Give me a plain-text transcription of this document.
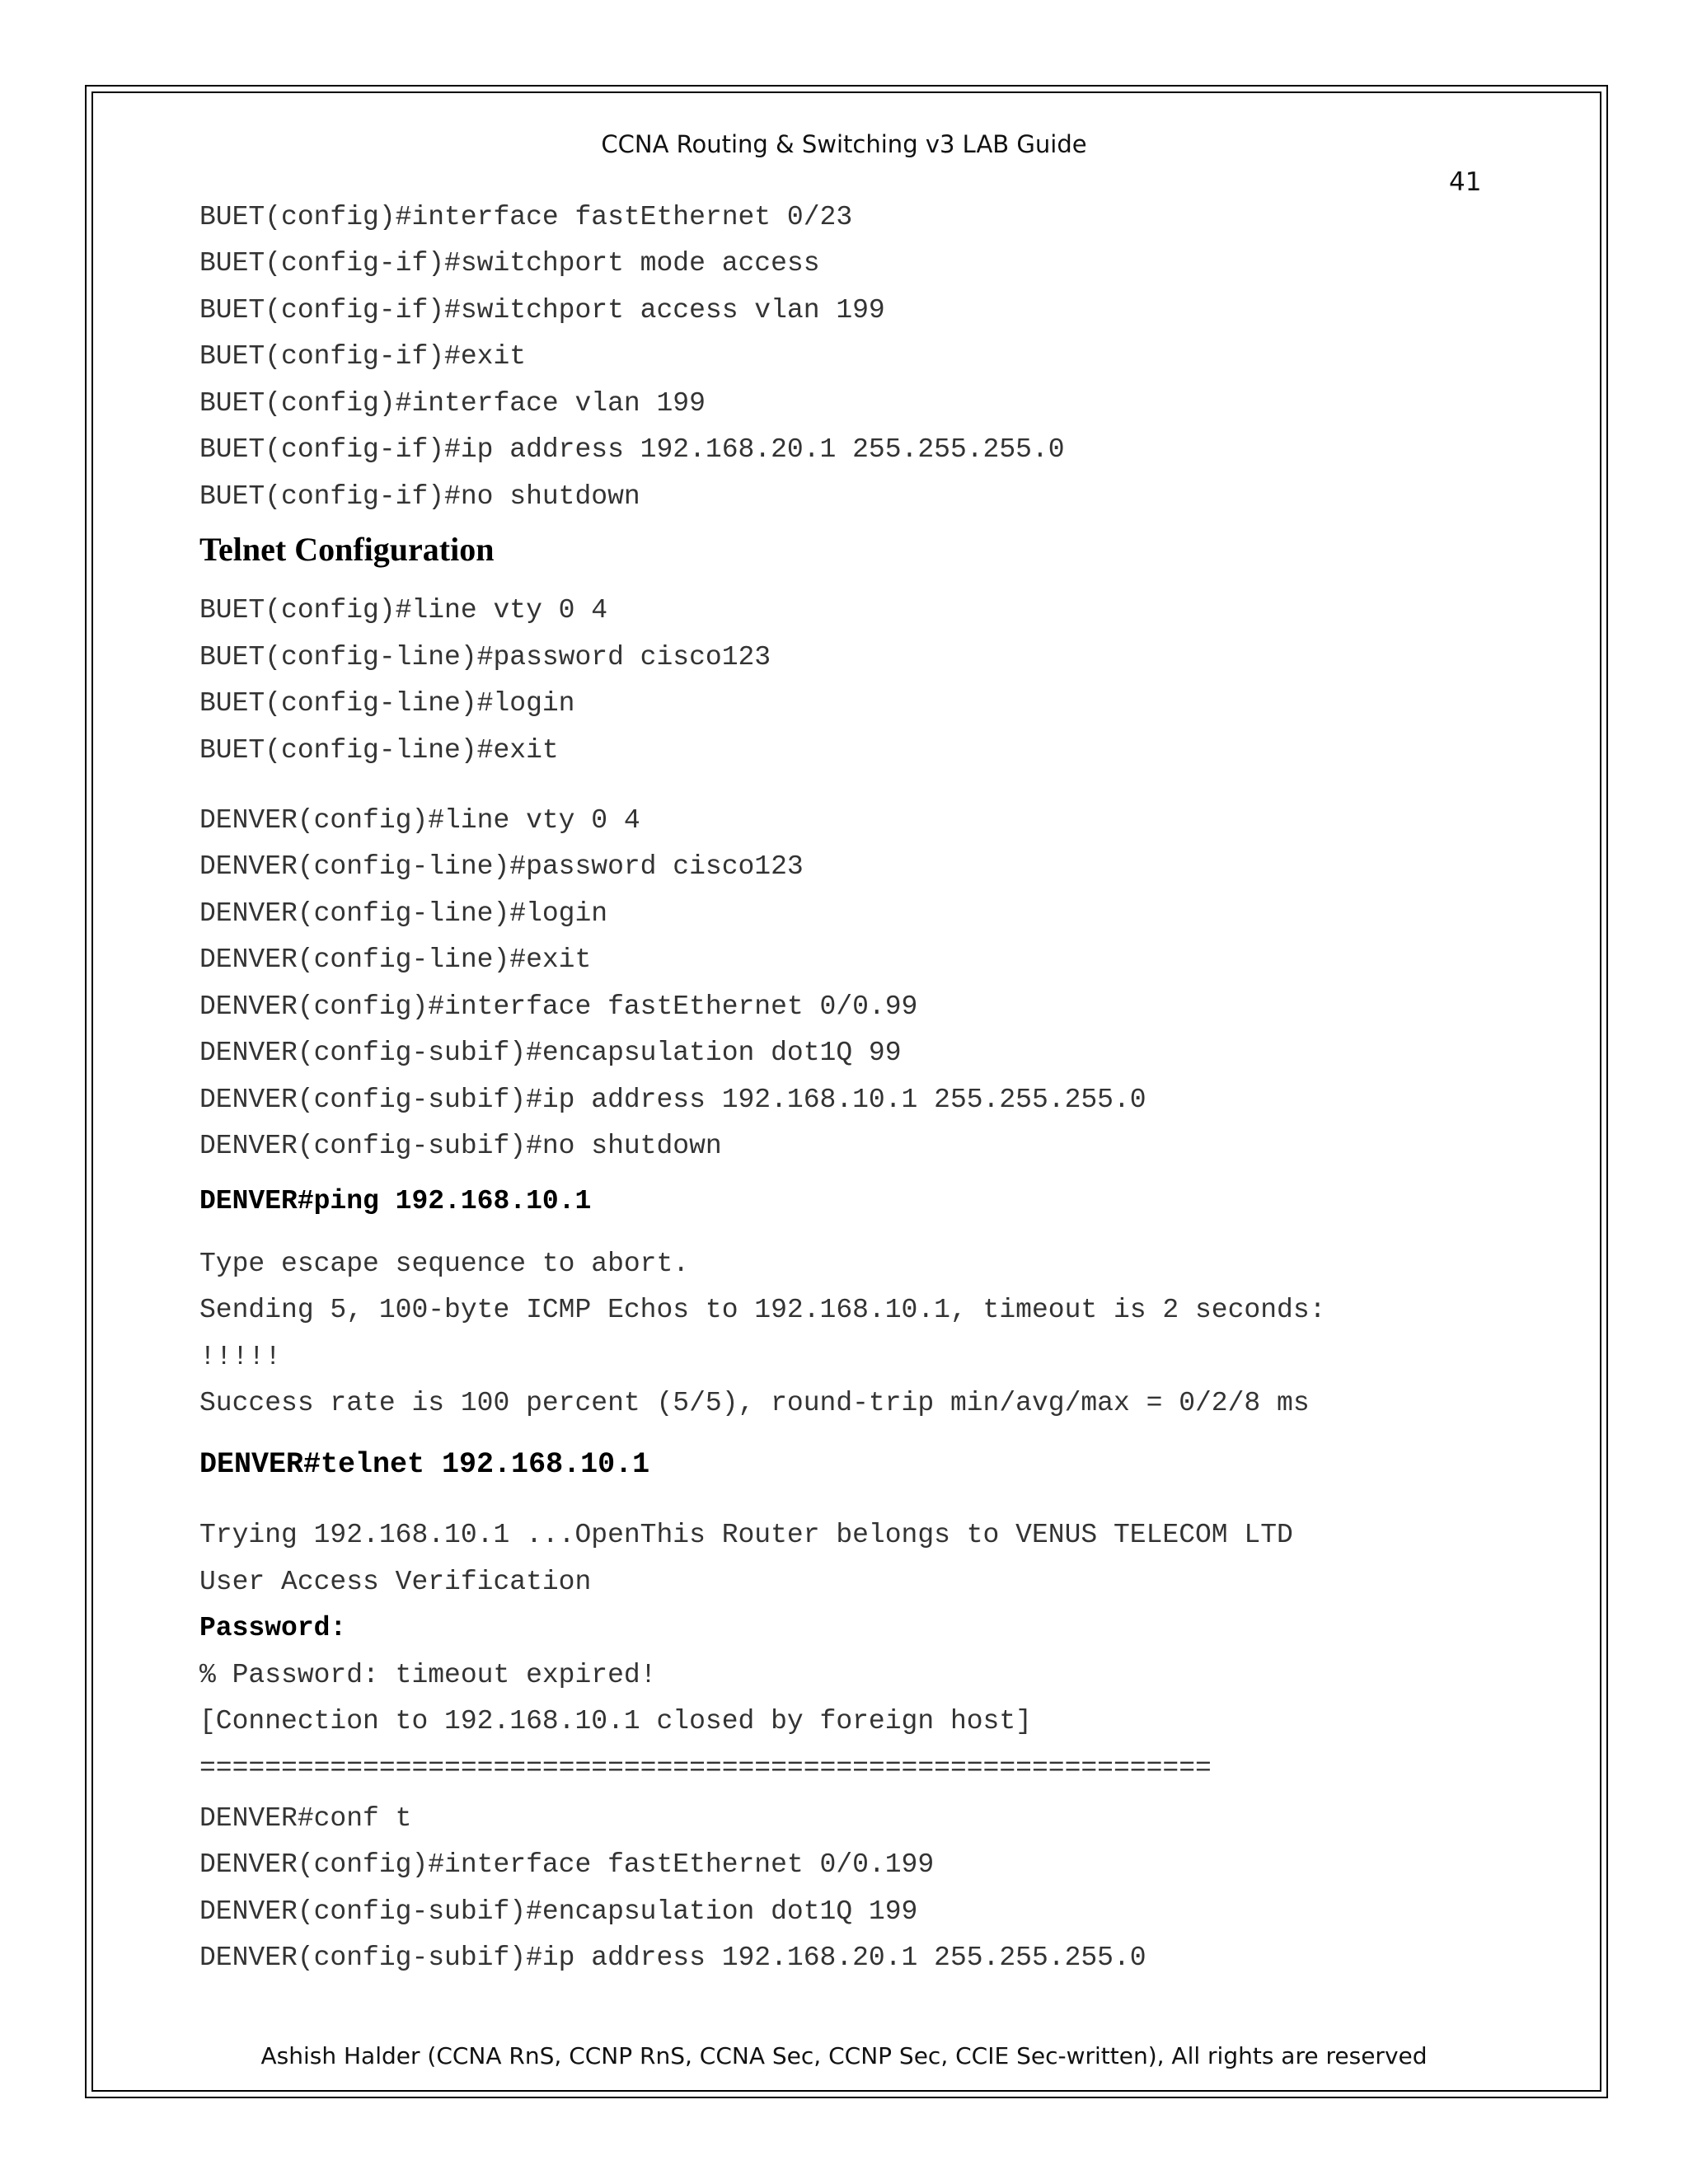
CCNA Routing & Switching v3 LAB Guide
41
BUET(config)#interface fastEthernet 0/23
BUET(config-if)#switchport mode access
BUET(config-if)#switchport access vlan 199
BUET(config-if)#exit
BUET(config)#interface vlan 199
BUET(config-if)#ip address 192.168.20.1 255.255.255.0
BUET(config-if)#no shutdown
Telnet Configuration
BUET(config)#line vty 0 4
BUET(config-line)#password cisco123
BUET(config-line)#login
BUET(config-line)#exit
DENVER(config)#line vty 0 4
DENVER(config-line)#password cisco123
DENVER(config-line)#login
DENVER(config-line)#exit
DENVER(config)#interface fastEthernet 0/0.99
DENVER(config-subif)#encapsulation dot1Q 99
DENVER(config-subif)#ip address 192.168.10.1 255.255.255.0
DENVER(config-subif)#no shutdown
DENVER#ping 192.168.10.1
Type escape sequence to abort.
Sending 5, 100-byte ICMP Echos to 192.168.10.1, timeout is 2 seconds:
!!!!!
Success rate is 100 percent (5/5), round-trip min/avg/max = 0/2/8 ms
DENVER#telnet 192.168.10.1
Trying 192.168.10.1 ...OpenThis Router belongs to VENUS TELECOM LTD
User Access Verification
Password:
% Password: timeout expired!
[Connection to 192.168.10.1 closed by foreign host]
==============================================================
DENVER#conf t
DENVER(config)#interface fastEthernet 0/0.199
DENVER(config-subif)#encapsulation dot1Q 199
DENVER(config-subif)#ip address 192.168.20.1 255.255.255.0
Ashish Halder (CCNA RnS, CCNP RnS, CCNA Sec, CCNP Sec, CCIE Sec-written), All rights are reserved
